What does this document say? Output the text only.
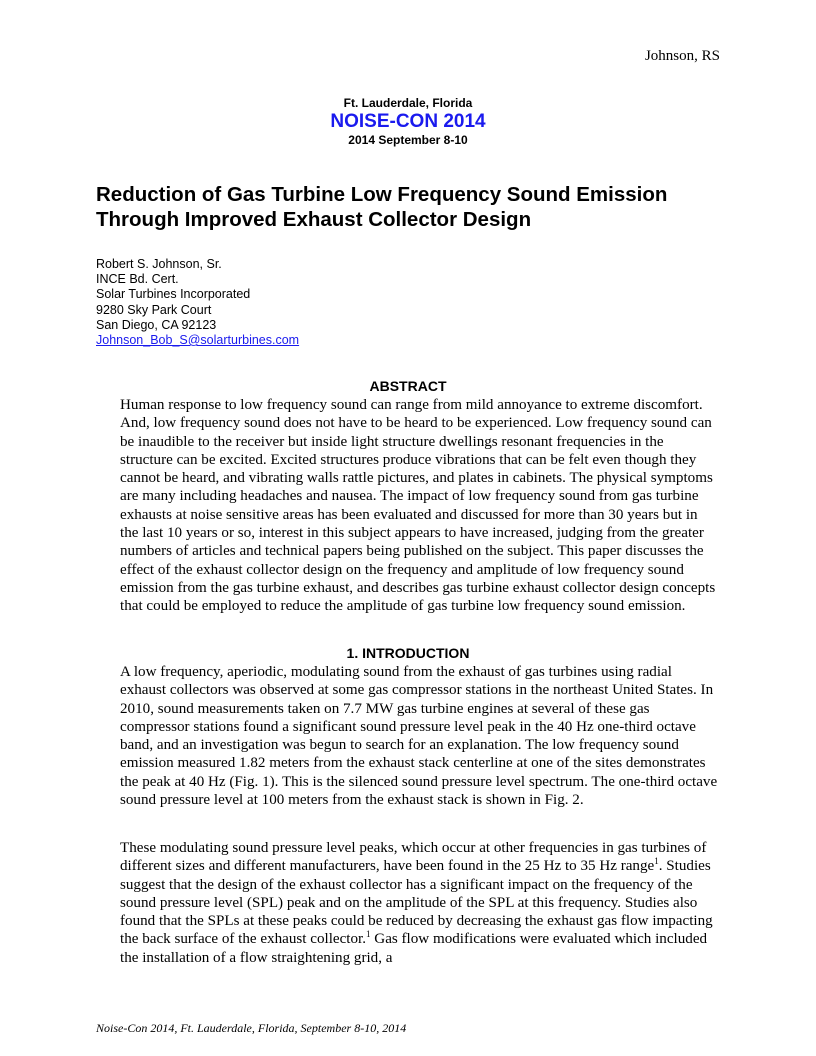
Johnson, RS
Ft. Lauderdale, Florida
NOISE-CON 2014
2014 September 8-10
Reduction of Gas Turbine Low Frequency Sound Emission Through Improved Exhaust Collector Design
Robert S. Johnson, Sr.
INCE Bd. Cert.
Solar Turbines Incorporated
9280 Sky Park Court
San Diego, CA 92123
Johnson_Bob_S@solarturbines.com
ABSTRACT

Human response to low frequency sound can range from mild annoyance to extreme discomfort. And, low frequency sound does not have to be heard to be experienced. Low frequency sound can be inaudible to the receiver but inside light structure dwellings resonant frequencies in the structure can be excited. Excited structures produce vibrations that can be felt even though they cannot be heard, and vibrating walls rattle pictures, and plates in cabinets. The physical symptoms are many including headaches and nausea. The impact of low frequency sound from gas turbine exhausts at noise sensitive areas has been evaluated and discussed for more than 30 years but in the last 10 years or so, interest in this subject appears to have increased, judging from the greater numbers of articles and technical papers being published on the subject. This paper discusses the effect of the exhaust collector design on the frequency and amplitude of low frequency sound emission from the gas turbine exhaust, and describes gas turbine exhaust collector design concepts that could be employed to reduce the amplitude of gas turbine low frequency sound emission.

1. INTRODUCTION

A low frequency, aperiodic, modulating sound from the exhaust of gas turbines using radial exhaust collectors was observed at some gas compressor stations in the northeast United States. In 2010, sound measurements taken on 7.7 MW gas turbine engines at several of these gas compressor stations found a significant sound pressure level peak in the 40 Hz one-third octave band, and an investigation was begun to search for an explanation. The low frequency sound emission measured 1.82 meters from the exhaust stack centerline at one of the sites demonstrates the peak at 40 Hz (Fig. 1). This is the silenced sound pressure level spectrum. The one-third octave sound pressure level at 100 meters from the exhaust stack is shown in Fig. 2.

These modulating sound pressure level peaks, which occur at other frequencies in gas turbines of different sizes and different manufacturers, have been found in the 25 Hz to 35 Hz range$^1$. Studies suggest that the design of the exhaust collector has a significant impact on the frequency of the sound pressure level (SPL) peak and on the amplitude of the SPL at this frequency. Studies also found that the SPLs at these peaks could be reduced by decreasing the exhaust gas flow impacting the back surface of the exhaust collector.$^1$ Gas flow modifications were evaluated which included the installation of a flow straightening grid, a

Noise-Con 2014, Ft. Lauderdale, Florida, September 8-10, 2014
